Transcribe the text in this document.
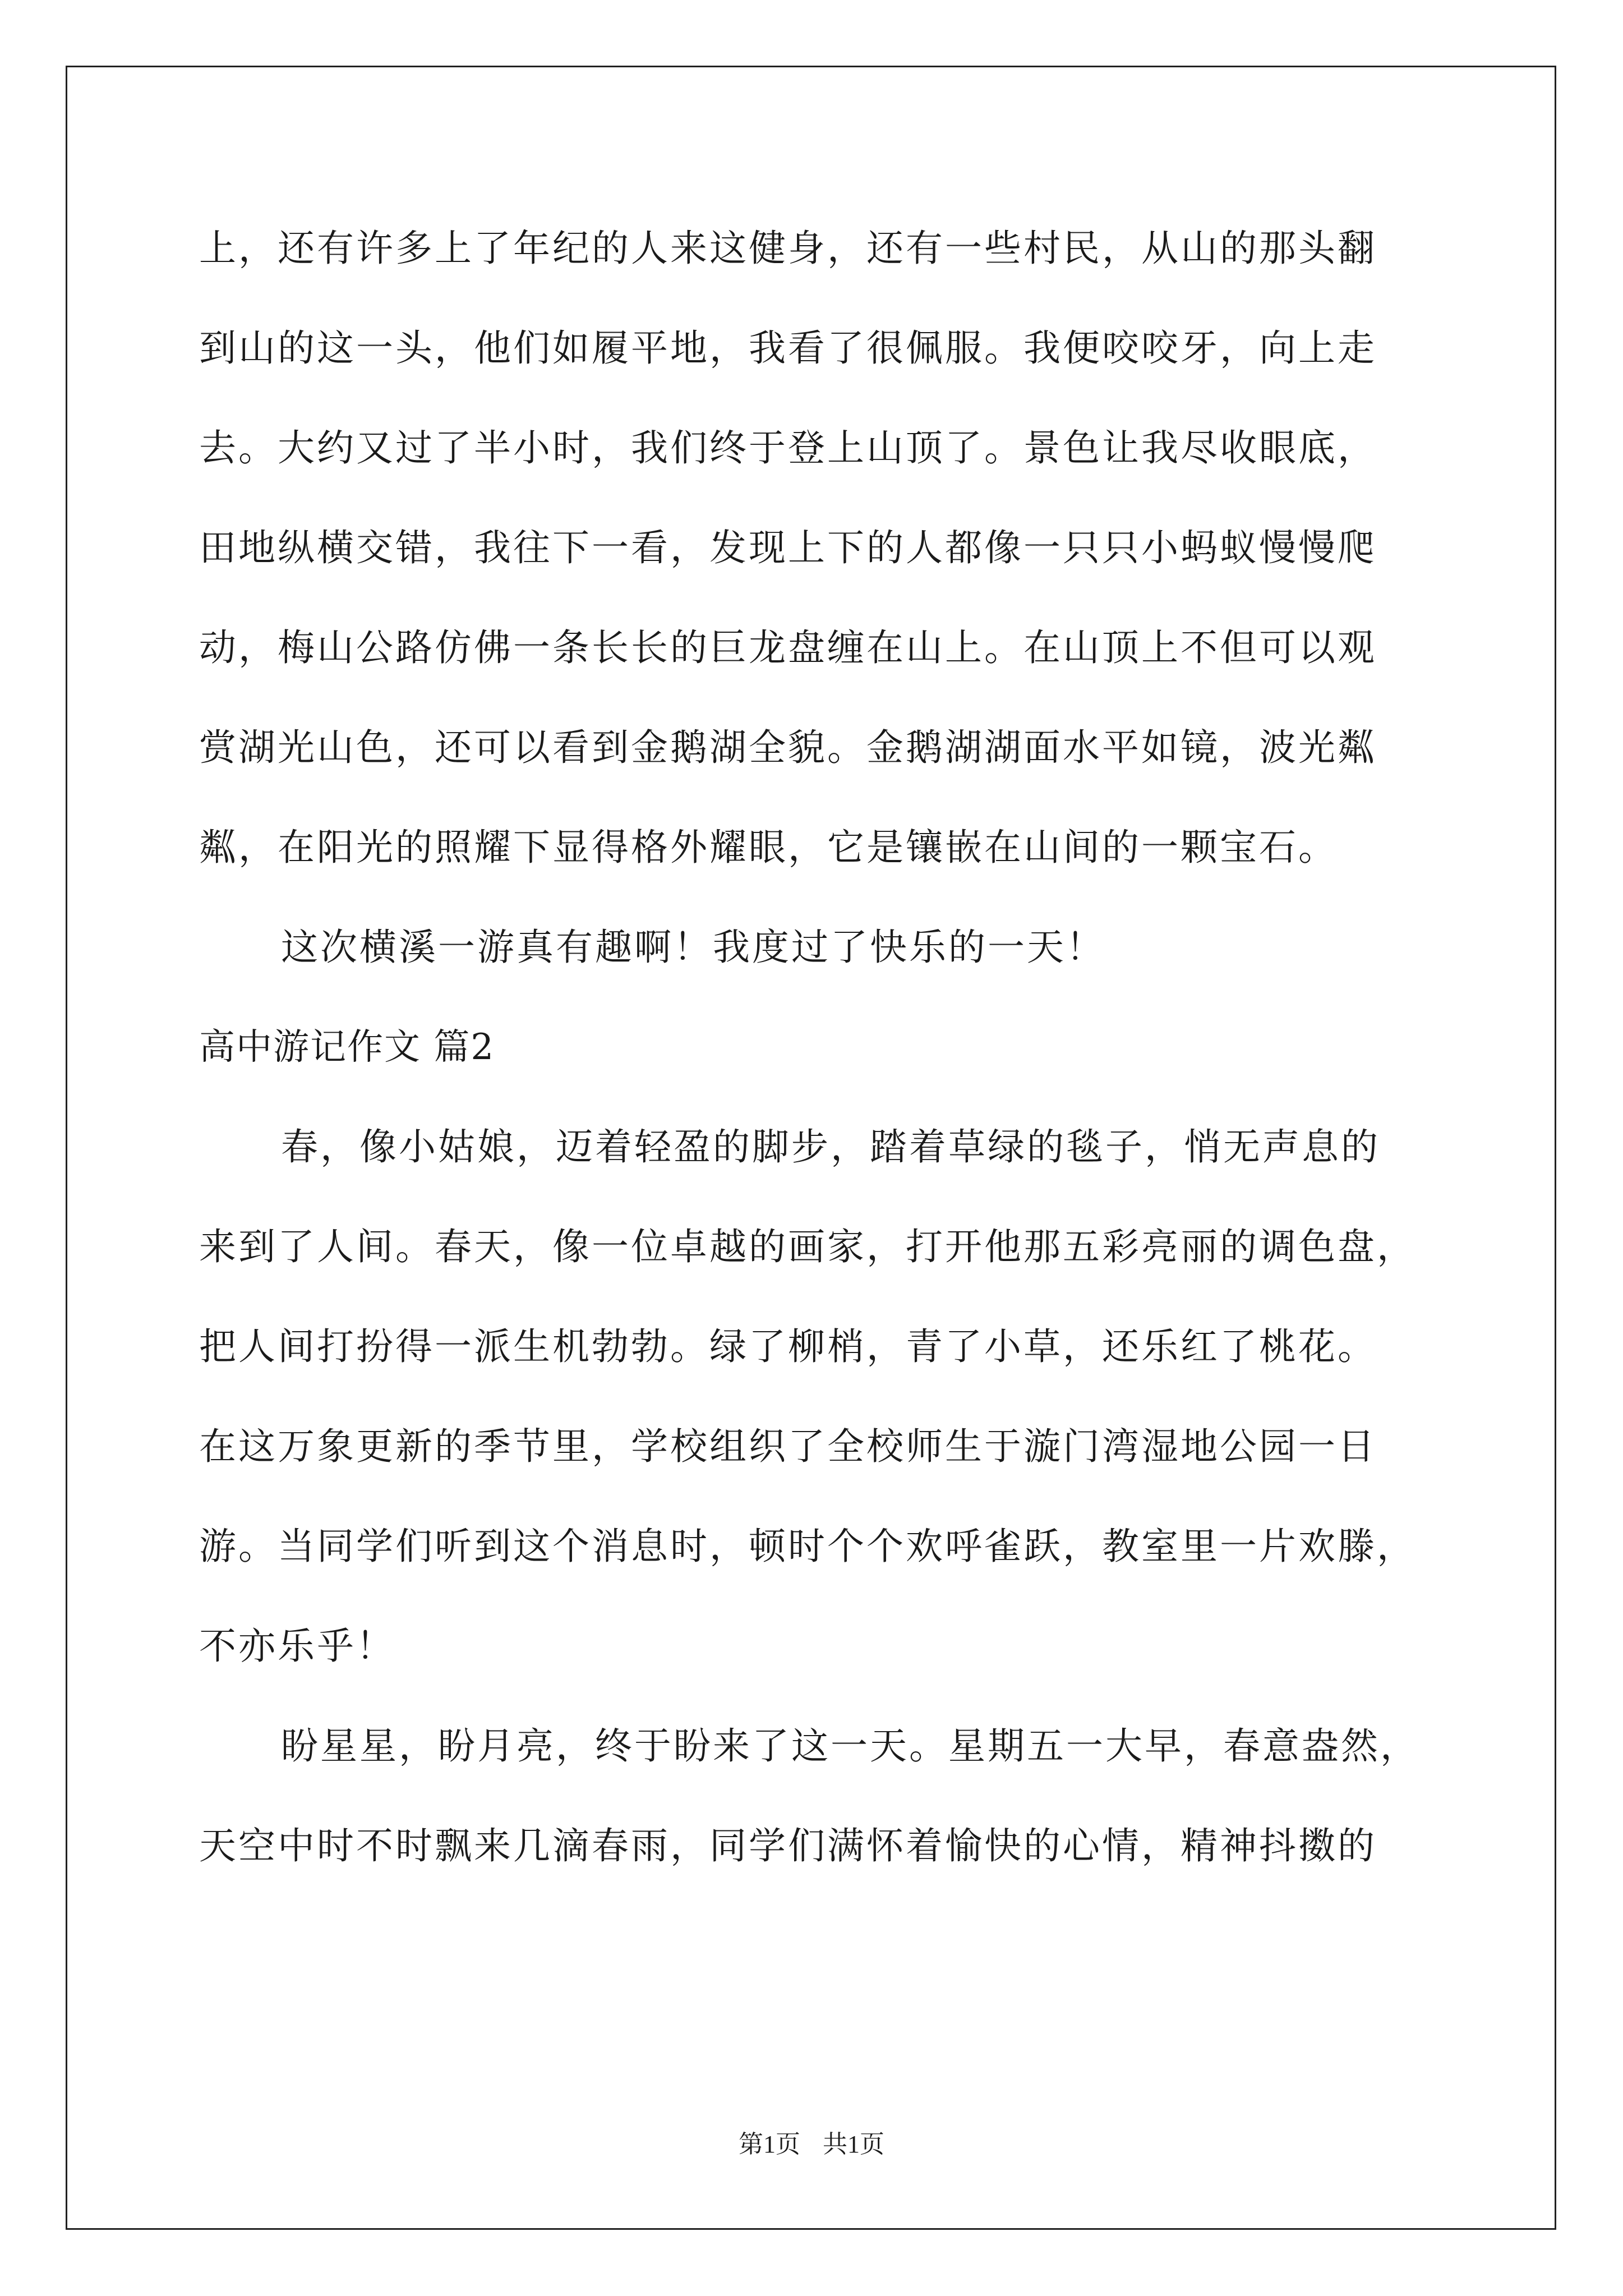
上，还有许多上了年纪的人来这健身，还有一些村民，从山的那头翻
到山的这一头，他们如履平地，我看了很佩服。我便咬咬牙，向上走
去。大约又过了半小时，我们终于登上山顶了。景色让我尽收眼底，
田地纵横交错，我往下一看，发现上下的人都像一只只小蚂蚁慢慢爬
动，梅山公路仿佛一条长长的巨龙盘缠在山上。在山顶上不但可以观
赏湖光山色，还可以看到金鹅湖全貌。金鹅湖湖面水平如镜，波光粼
粼，在阳光的照耀下显得格外耀眼，它是镶嵌在山间的一颗宝石。
这次横溪一游真有趣啊！我度过了快乐的一天！
高中游记作文 篇2
春，像小姑娘，迈着轻盈的脚步，踏着草绿的毯子，悄无声息的
来到了人间。春天，像一位卓越的画家，打开他那五彩亮丽的调色盘，
把人间打扮得一派生机勃勃。绿了柳梢，青了小草，还乐红了桃花。
在这万象更新的季节里，学校组织了全校师生于漩门湾湿地公园一日
游。当同学们听到这个消息时，顿时个个欢呼雀跃，教室里一片欢滕，
不亦乐乎！
盼星星，盼月亮，终于盼来了这一天。星期五一大早，春意盎然，
天空中时不时飘来几滴春雨，同学们满怀着愉快的心情，精神抖擞的
第1页 共1页
